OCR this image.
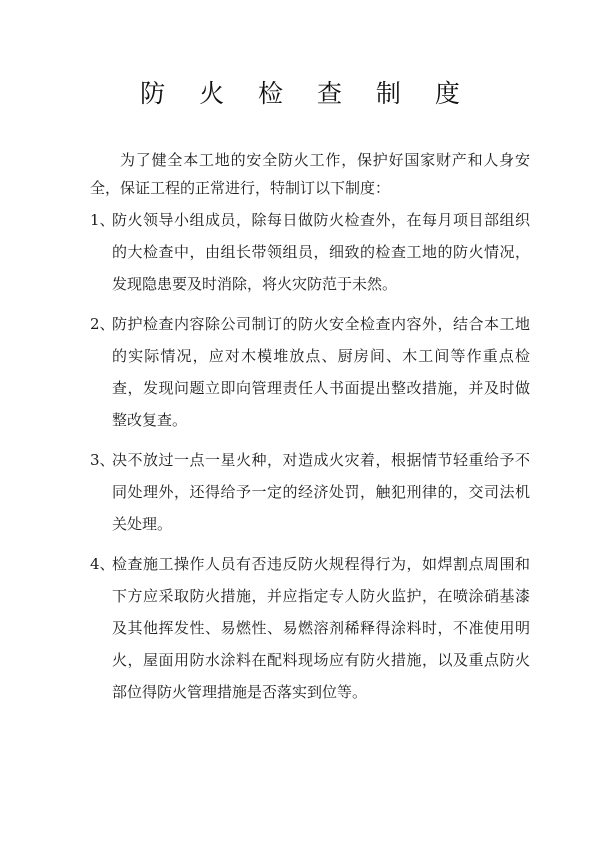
防 火 检 查 制 度

为了健全本工地的安全防火工作，保护好国家财产和人身安全，保证工程的正常进行，特制订以下制度：

1、
防火领导小组成员，除每日做防火检查外，在每月项目部组织的大检查中，由组长带领组员，细致的检查工地的防火情况，发现隐患要及时消除，将火灾防范于未然。
2、
防护检查内容除公司制订的防火安全检查内容外，结合本工地的实际情况，应对木模堆放点、厨房间、木工间等作重点检查，发现问题立即向管理责任人书面提出整改措施，并及时做整改复查。
3、
决不放过一点一星火种，对造成火灾着，根据情节轻重给予不同处理外，还得给予一定的经济处罚，触犯刑律的，交司法机关处理。
4、
检查施工操作人员有否违反防火规程得行为，如焊割点周围和下方应采取防火措施，并应指定专人防火监护，在喷涂硝基漆及其他挥发性、易燃性、易燃溶剂稀释得涂料时，不准使用明火，屋面用防水涂料在配料现场应有防火措施，以及重点防火部位得防火管理措施是否落实到位等。
